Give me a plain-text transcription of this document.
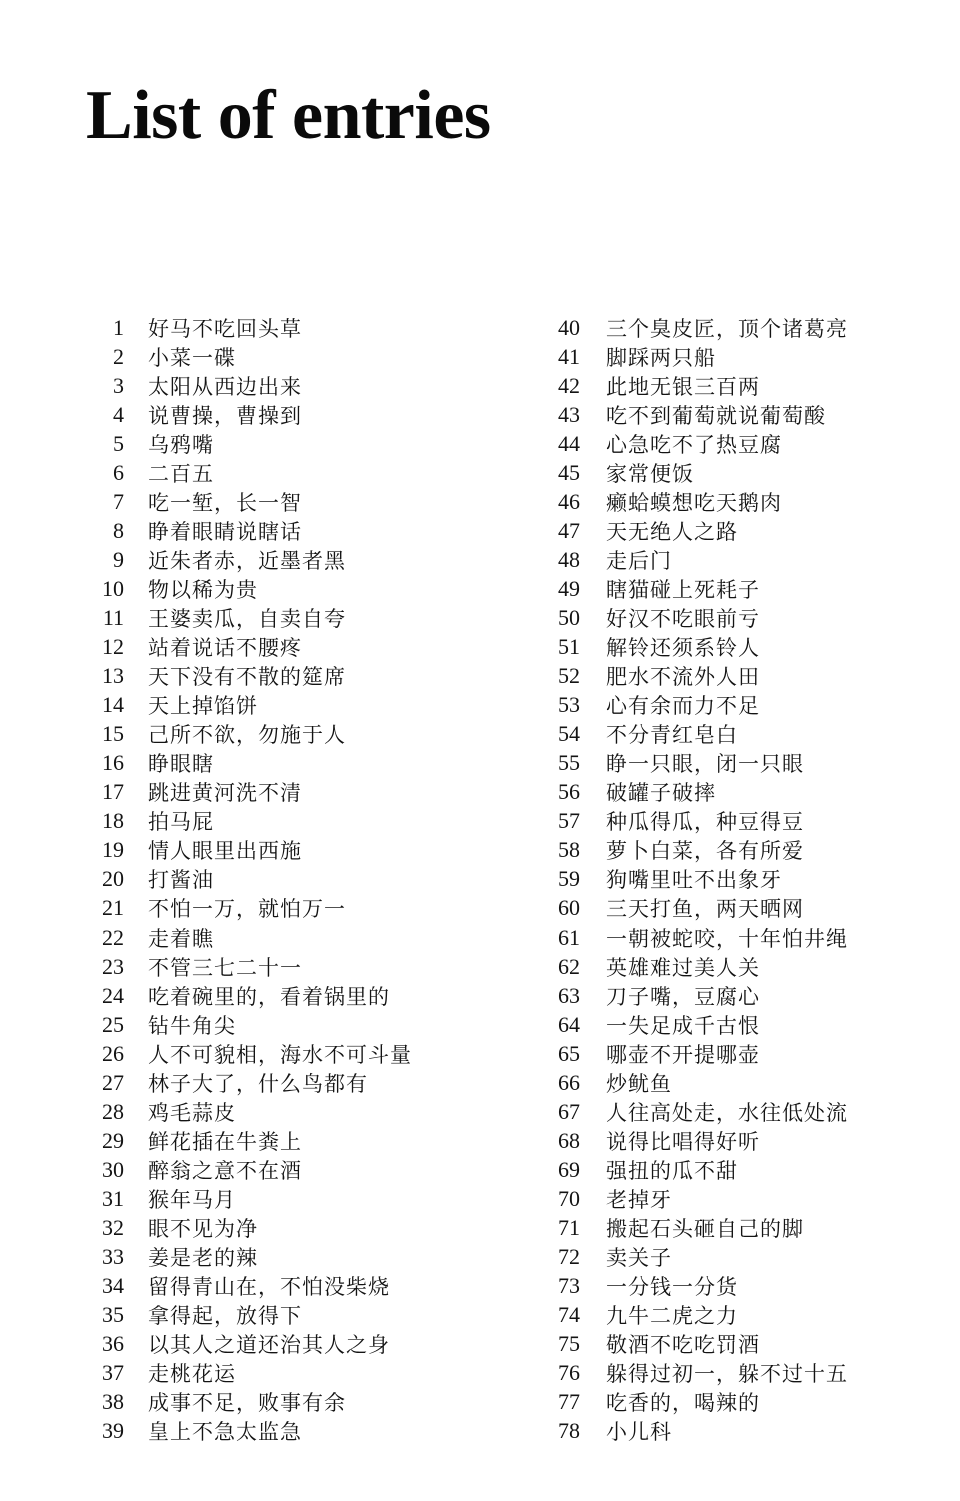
List of entries
1 好马不吃回头草
2 小菜一碟
3 太阳从西边出来
4 说曹操，曹操到
5 乌鸦嘴
6 二百五
7 吃一堑，长一智
8 睁着眼睛说瞎话
9 近朱者赤，近墨者黑
10 物以稀为贵
11 王婆卖瓜，自卖自夸
12 站着说话不腰疼
13 天下没有不散的筵席
14 天上掉馅饼
15 己所不欲，勿施于人
16 睁眼瞎
17 跳进黄河洗不清
18 拍马屁
19 情人眼里出西施
20 打酱油
21 不怕一万，就怕万一
22 走着瞧
23 不管三七二十一
24 吃着碗里的，看着锅里的
25 钻牛角尖
26 人不可貌相，海水不可斗量
27 林子大了，什么鸟都有
28 鸡毛蒜皮
29 鲜花插在牛粪上
30 醉翁之意不在酒
31 猴年马月
32 眼不见为净
33 姜是老的辣
34 留得青山在，不怕没柴烧
35 拿得起，放得下
36 以其人之道还治其人之身
37 走桃花运
38 成事不足，败事有余
39 皇上不急太监急
40 三个臭皮匠，顶个诸葛亮
41 脚踩两只船
42 此地无银三百两
43 吃不到葡萄就说葡萄酸
44 心急吃不了热豆腐
45 家常便饭
46 癞蛤蟆想吃天鹅肉
47 天无绝人之路
48 走后门
49 瞎猫碰上死耗子
50 好汉不吃眼前亏
51 解铃还须系铃人
52 肥水不流外人田
53 心有余而力不足
54 不分青红皂白
55 睁一只眼，闭一只眼
56 破罐子破摔
57 种瓜得瓜，种豆得豆
58 萝卜白菜，各有所爱
59 狗嘴里吐不出象牙
60 三天打鱼，两天晒网
61 一朝被蛇咬，十年怕井绳
62 英雄难过美人关
63 刀子嘴，豆腐心
64 一失足成千古恨
65 哪壶不开提哪壶
66 炒鱿鱼
67 人往高处走，水往低处流
68 说得比唱得好听
69 强扭的瓜不甜
70 老掉牙
71 搬起石头砸自己的脚
72 卖关子
73 一分钱一分货
74 九牛二虎之力
75 敬酒不吃吃罚酒
76 躲得过初一，躲不过十五
77 吃香的，喝辣的
78 小儿科
